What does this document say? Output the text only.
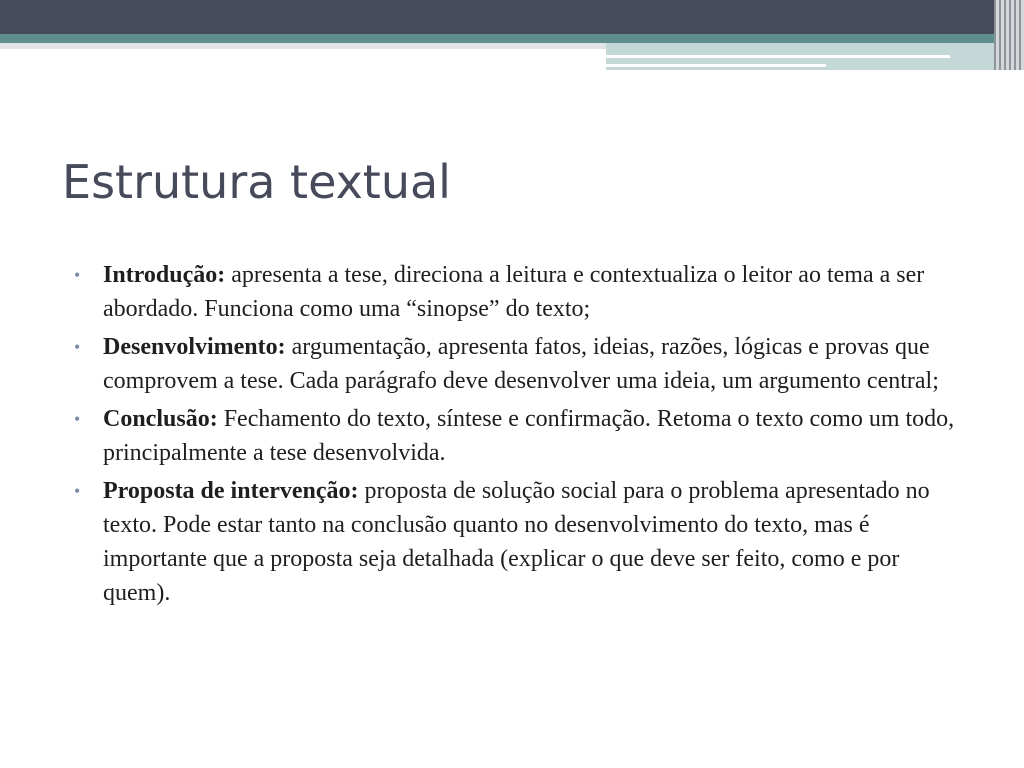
Estrutura textual
• Introdução: apresenta a tese, direciona a leitura e contextualiza o leitor ao tema a ser abordado. Funciona como uma “sinopse” do texto;
• Desenvolvimento: argumentação, apresenta fatos, ideias, razões, lógicas e provas que comprovem a tese. Cada parágrafo deve desenvolver uma ideia, um argumento central;
• Conclusão: Fechamento do texto, síntese e confirmação. Retoma o texto como um todo, principalmente a tese desenvolvida.
• Proposta de intervenção: proposta de solução social para o problema apresentado no texto. Pode estar tanto na conclusão quanto no desenvolvimento do texto, mas é importante que a proposta seja detalhada (explicar o que deve ser feito, como e por quem).
